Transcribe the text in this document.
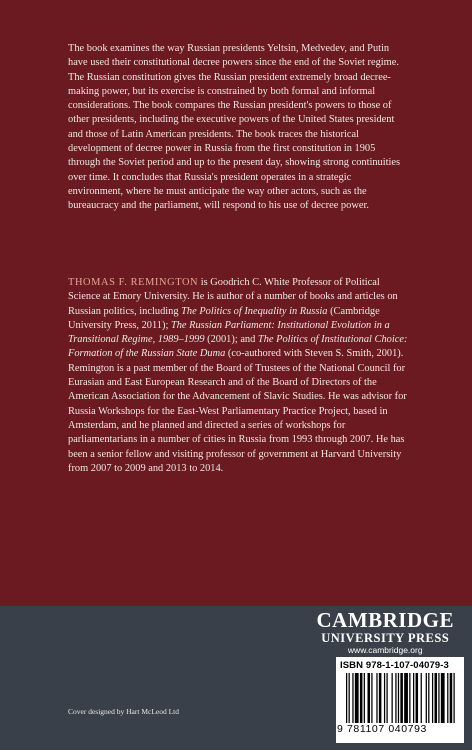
The book examines the way Russian presidents Yeltsin, Medvedev, and Putin have used their constitutional decree powers since the end of the Soviet regime. The Russian constitution gives the Russian president extremely broad decree-making power, but its exercise is constrained by both formal and informal considerations. The book compares the Russian president's powers to those of other presidents, including the executive powers of the United States president and those of Latin American presidents. The book traces the historical development of decree power in Russia from the first constitution in 1905 through the Soviet period and up to the present day, showing strong continuities over time. It concludes that Russia's president operates in a strategic environment, where he must anticipate the way other actors, such as the bureaucracy and the parliament, will respond to his use of decree power.
THOMAS F. REMINGTON is Goodrich C. White Professor of Political Science at Emory University. He is author of a number of books and articles on Russian politics, including The Politics of Inequality in Russia (Cambridge University Press, 2011); The Russian Parliament: Institutional Evolution in a Transitional Regime, 1989–1999 (2001); and The Politics of Institutional Choice: Formation of the Russian State Duma (co-authored with Steven S. Smith, 2001). Remington is a past member of the Board of Trustees of the National Council for Eurasian and East European Research and of the Board of Directors of the American Association for the Advancement of Slavic Studies. He was advisor for Russia Workshops for the East-West Parliamentary Practice Project, based in Amsterdam, and he planned and directed a series of workshops for parliamentarians in a number of cities in Russia from 1993 through 2007. He has been a senior fellow and visiting professor of government at Harvard University from 2007 to 2009 and 2013 to 2014.
CAMBRIDGE
UNIVERSITY PRESS
www.cambridge.org
ISBN 978-1-107-04079-3
9 781107 040793
Cover designed by Hart McLeod Ltd
